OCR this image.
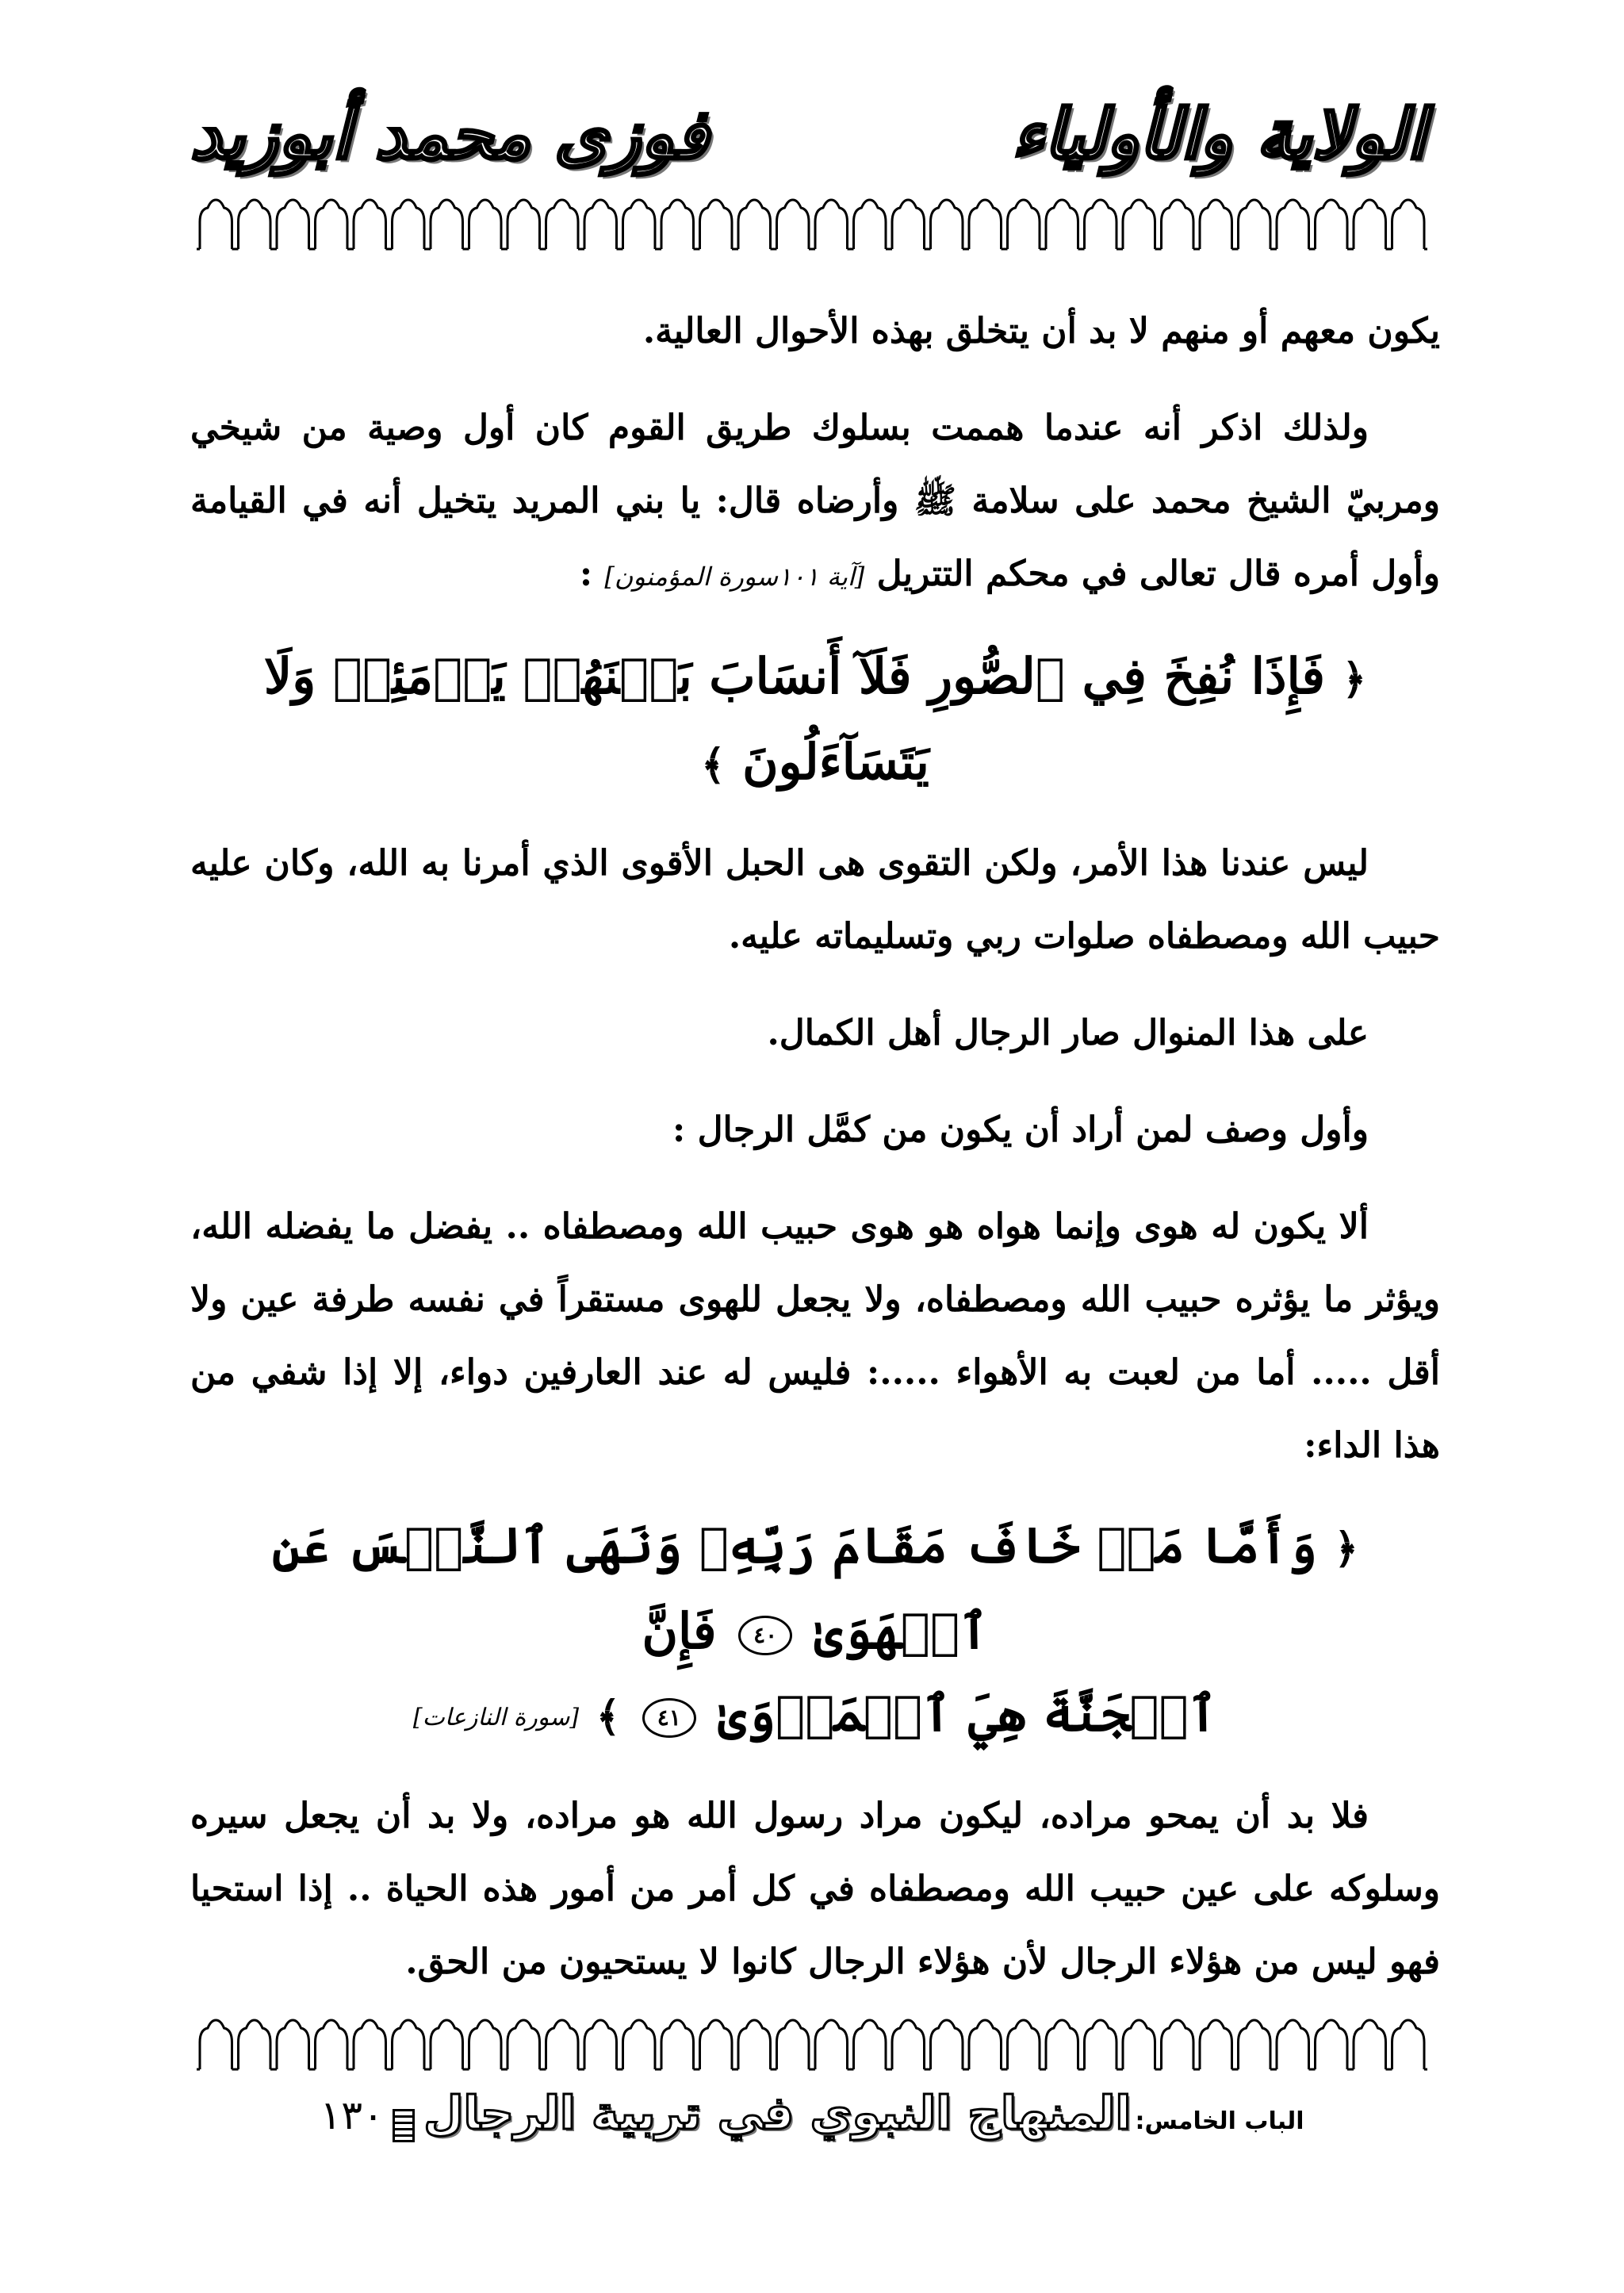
الولاية والأولياء
فوزى محمد أبوزيد

يكون معهم أو منهم لا بد أن يتخلق بهذه الأحوال العالية.

ولذلك اذكر أنه عندما هممت بسلوك طريق القوم كان أول وصية من شيخي ومربيّ الشيخ محمد على سلامة ﷺ وأرضاه قال: يا بني المريد يتخيل أنه في القيامة وأول أمره قال تعالى في محكم التتريل [آية ١٠١سورة المؤمنون] :

﴿ فَإِذَا نُفِخَ فِي ٱلصُّورِ فَلَآ أَنسَابَ بَيۡنَهُمۡ يَوۡمَئِذٖ وَلَا يَتَسَآءَلُونَ ﴾

ليس عندنا هذا الأمر، ولكن التقوى هى الحبل الأقوى الذي أمرنا به الله، وكان عليه حبيب الله ومصطفاه صلوات ربي وتسليماته عليه.

على هذا المنوال صار الرجال أهل الكمال.

وأول وصف لمن أراد أن يكون من كمَّل الرجال :

ألا يكون له هوى وإنما هواه هو هوى حبيب الله ومصطفاه .. يفضل ما يفضله الله، ويؤثر ما يؤثره حبيب الله ومصطفاه، ولا يجعل للهوى مستقراً في نفسه طرفة عين ولا أقل ..... أما من لعبت به الأهواء .....: فليس له عند العارفين دواء، إلا إذا شفي من هذا الداء:

﴿ وَأَمَّا مَنۡ خَافَ مَقَامَ رَبِّهِۦ وَنَهَى ٱلنَّفۡسَ عَنِ ٱلۡهَوَىٰ ٤٠ فَإِنَّ
ٱلۡجَنَّةَ هِيَ ٱلۡمَأۡوَىٰ ٤١ ﴾ [سورة النازعات]

فلا بد أن يمحو مراده، ليكون مراد رسول الله هو مراده، ولا بد أن يجعل سيره وسلوكه على عين حبيب الله ومصطفاه في كل أمر من أمور هذه الحياة .. إذا استحيا فهو ليس من هؤلاء الرجال لأن هؤلاء الرجال كانوا لا يستحيون من الحق.

الباب الخامس: المنهاج النبوي في تربية الرجال  ١٣٠
